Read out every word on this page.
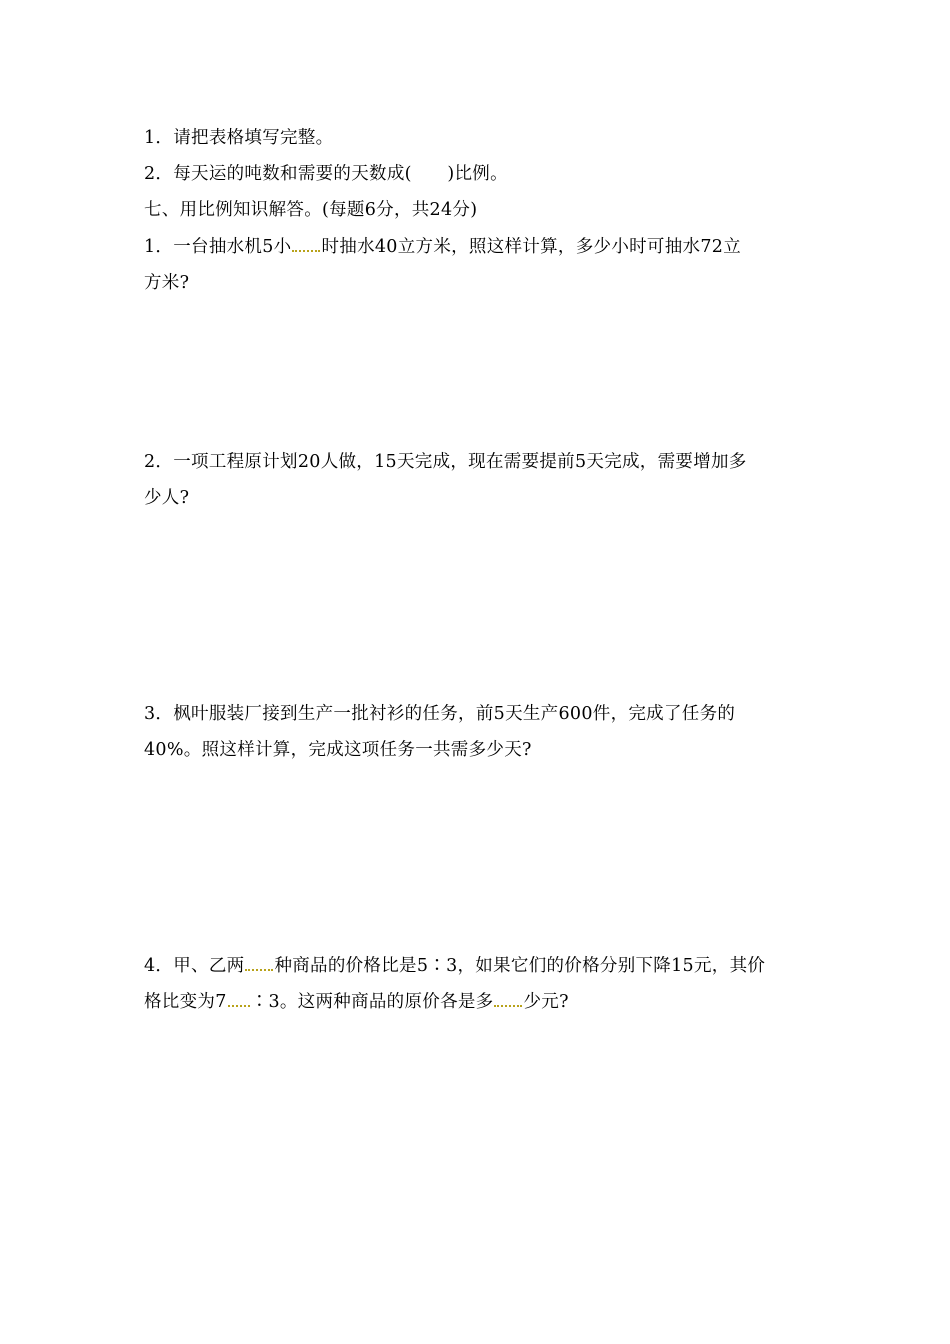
1．请把表格填写完整。
2．每天运的吨数和需要的天数成(　　)比例。
七、用比例知识解答。(每题6分，共24分)
1．一台抽水机5小 时抽水40立方米，照这样计算，多少小时可抽水72立
方米?
2．一项工程原计划20人做，15天完成，现在需要提前5天完成，需要增加多
少人?
3．枫叶服装厂接到生产一批衬衫的任务，前5天生产600件，完成了任务的
40%。照这样计算，完成这项任务一共需多少天?
4．甲、乙两 种商品的价格比是5∶3，如果它们的价格分别下降15元，其价
格比变为7 ∶3。这两种商品的原价各是多 少元?
